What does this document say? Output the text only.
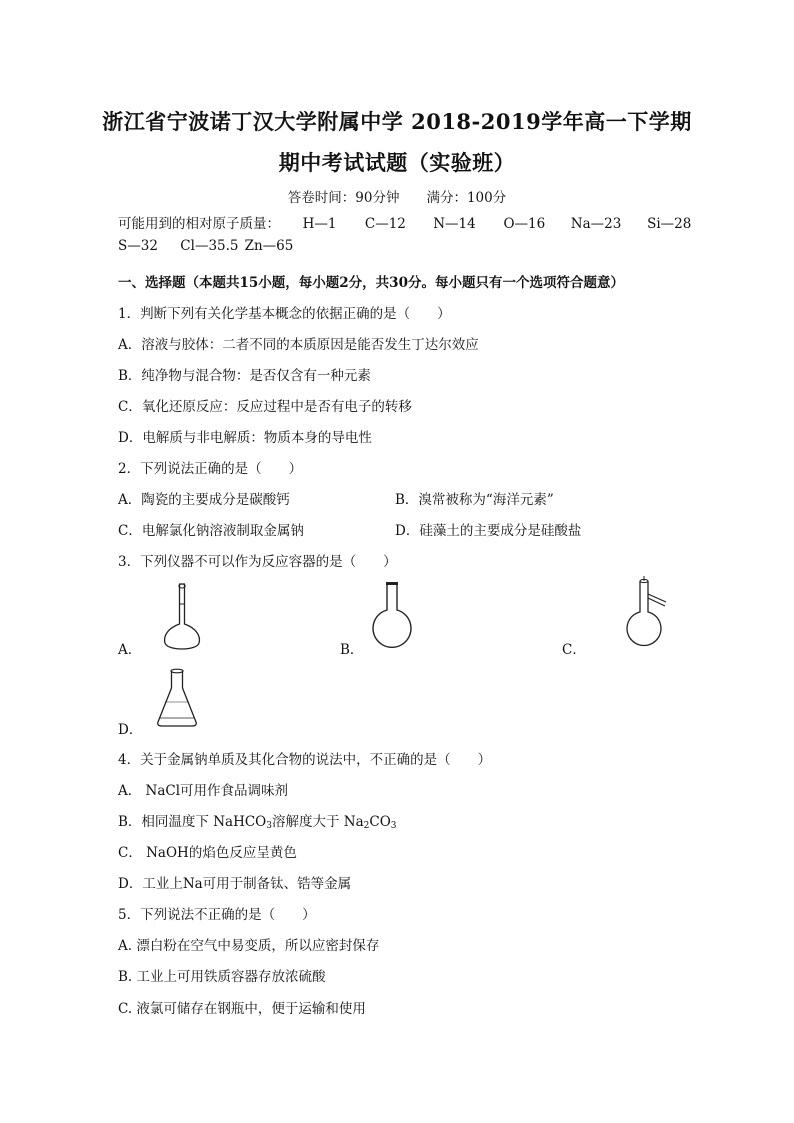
浙江省宁波诺丁汉大学附属中学 2018-2019学年高一下学期
期中考试试题（实验班）
答卷时间：90分钟　　满分：100分
可能用到的相对原子质量： H—1 C—12 N—14 O—16 Na—23 Si—28
S—32 Cl—35.5 Zn—65
一、选择题（本题共15小题，每小题2分，共30分。每小题只有一个选项符合题意）
1．判断下列有关化学基本概念的依据正确的是（　　）
A．溶液与胶体：二者不同的本质原因是能否发生丁达尔效应
B．纯净物与混合物：是否仅含有一种元素
C．氧化还原反应：反应过程中是否有电子的转移
D．电解质与非电解质：物质本身的导电性
2．下列说法正确的是（　　）
A．陶瓷的主要成分是碳酸钙	B．溴常被称为“海洋元素”
C．电解氯化钠溶液制取金属钠	D．硅藻土的主要成分是硅酸盐
3．下列仪器不可以作为反应容器的是（　　）
A．	B．	C．
D．
4．关于金属钠单质及其化合物的说法中，不正确的是（　　）
A． NaCl可用作食品调味剂
B．相同温度下 NaHCO$_3$溶解度大于 $Na_2CO_3$
C． NaOH的焰色反应呈黄色
D．工业上Na可用于制备钛、锆等金属
5．下列说法不正确的是（　　）
A. 漂白粉在空气中易变质，所以应密封保存
B. 工业上可用铁质容器存放浓硫酸
C. 液氯可储存在钢瓶中，便于运输和使用
